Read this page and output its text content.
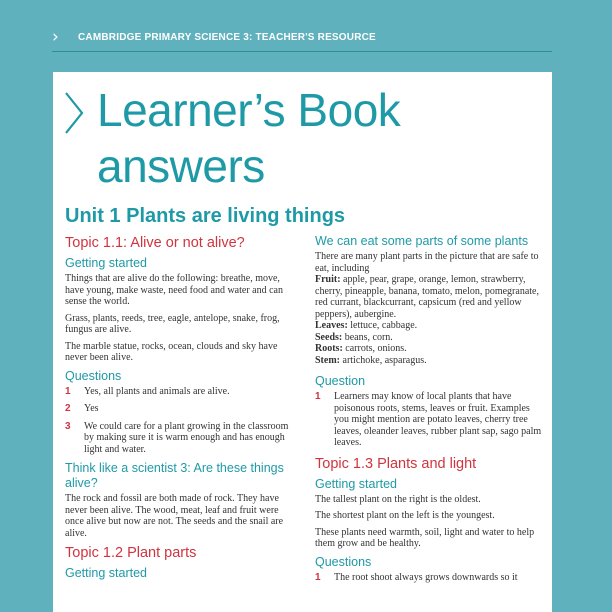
› CAMBRIDGE PRIMARY SCIENCE 3: TEACHER'S RESOURCE
Learner’s Book
answers
Unit 1 Plants are living things
Topic 1.1: Alive or not alive?
Getting started

Things that are alive do the following: breathe, move, have young, make waste, need food and water and can sense the world.

Grass, plants, reeds, tree, eagle, antelope, snake, frog, fungus are alive.

The marble statue, rocks, ocean, clouds and sky have never been alive.

Questions
1 Yes, all plants and animals are alive.
2 Yes
3 We could care for a plant growing in the classroom by making sure it is warm enough and has enough light and water.
Think like a scientist 3: Are these things alive?

The rock and fossil are both made of rock. They have never been alive. The wood, meat, leaf and fruit were once alive but now are not. The seeds and the snail are alive.

Topic 1.2 Plant parts
Getting started
We can eat some parts of some plants

There are many plant parts in the picture that are safe to eat, including

Fruit: apple, pear, grape, orange, lemon, strawberry, cherry, pineapple, banana, tomato, melon, pomegranate, red currant, blackcurrant, capsicum (red and yellow peppers), aubergine.
Leaves: lettuce, cabbage.
Seeds: beans, corn.
Roots: carrots, onions.
Stem: artichoke, asparagus.

Question
1 Learners may know of local plants that have poisonous roots, stems, leaves or fruit. Examples you might mention are potato leaves, cherry tree leaves, oleander leaves, rubber plant sap, sago palm leaves.
Topic 1.3 Plants and light
Getting started

The tallest plant on the right is the oldest.

The shortest plant on the left is the youngest.

These plants need warmth, soil, light and water to help them grow and be healthy.

Questions
1 The root shoot always grows downwards so it
